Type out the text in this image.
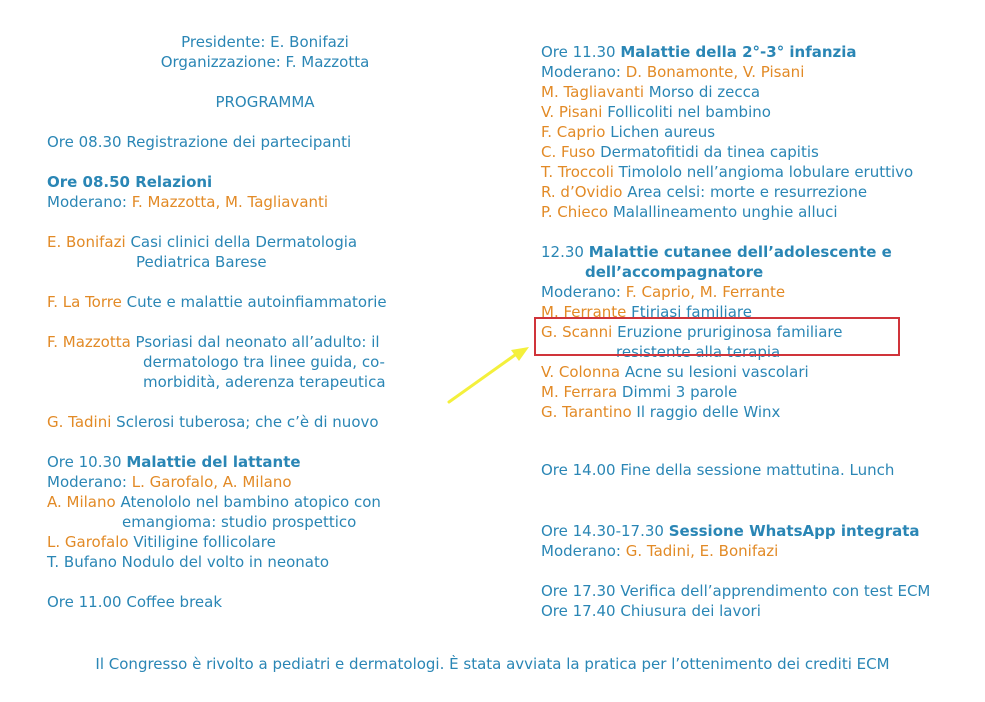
Presidente: E. Bonifazi
Organizzazione: F. Mazzotta
PROGRAMMA
Ore 08.30 Registrazione dei partecipanti
Ore 08.50 Relazioni
Moderano: F. Mazzotta, M. Tagliavanti
E. Bonifazi Casi clinici della Dermatologia
Pediatrica Barese
F. La Torre Cute e malattie autoinfiammatorie
F. Mazzotta Psoriasi dal neonato all’adulto: il
dermatologo tra linee guida, co-
morbidità, aderenza terapeutica
G. Tadini Sclerosi tuberosa; che c’è di nuovo
Ore 10.30 Malattie del lattante
Moderano: L. Garofalo, A. Milano
A. Milano Atenololo nel bambino atopico con
emangioma: studio prospettico
L. Garofalo Vitiligine follicolare
T. Bufano Nodulo del volto in neonato
Ore 11.00 Coffee break
Ore 11.30 Malattie della 2°-3° infanzia
Moderano: D. Bonamonte, V. Pisani
M. Tagliavanti Morso di zecca
V. Pisani Follicoliti nel bambino
F. Caprio Lichen aureus
C. Fuso Dermatofitidi da tinea capitis
T. Troccoli Timololo nell’angioma lobulare eruttivo
R. d’Ovidio Area celsi: morte e resurrezione
P. Chieco Malallineamento unghie alluci
12.30 Malattie cutanee dell’adolescente e
dell’accompagnatore
Moderano: F. Caprio, M. Ferrante
M. Ferrante Ftiriasi familiare
G. Scanni Eruzione pruriginosa familiare
resistente alla terapia
V. Colonna Acne su lesioni vascolari
M. Ferrara Dimmi 3 parole
G. Tarantino Il raggio delle Winx
Ore 14.00 Fine della sessione mattutina. Lunch
Ore 14.30-17.30 Sessione WhatsApp integrata
Moderano: G. Tadini, E. Bonifazi
Ore 17.30 Verifica dell’apprendimento con test ECM
Ore 17.40 Chiusura dei lavori
Il Congresso è rivolto a pediatri e dermatologi. È stata avviata la pratica per l’ottenimento dei crediti ECM
